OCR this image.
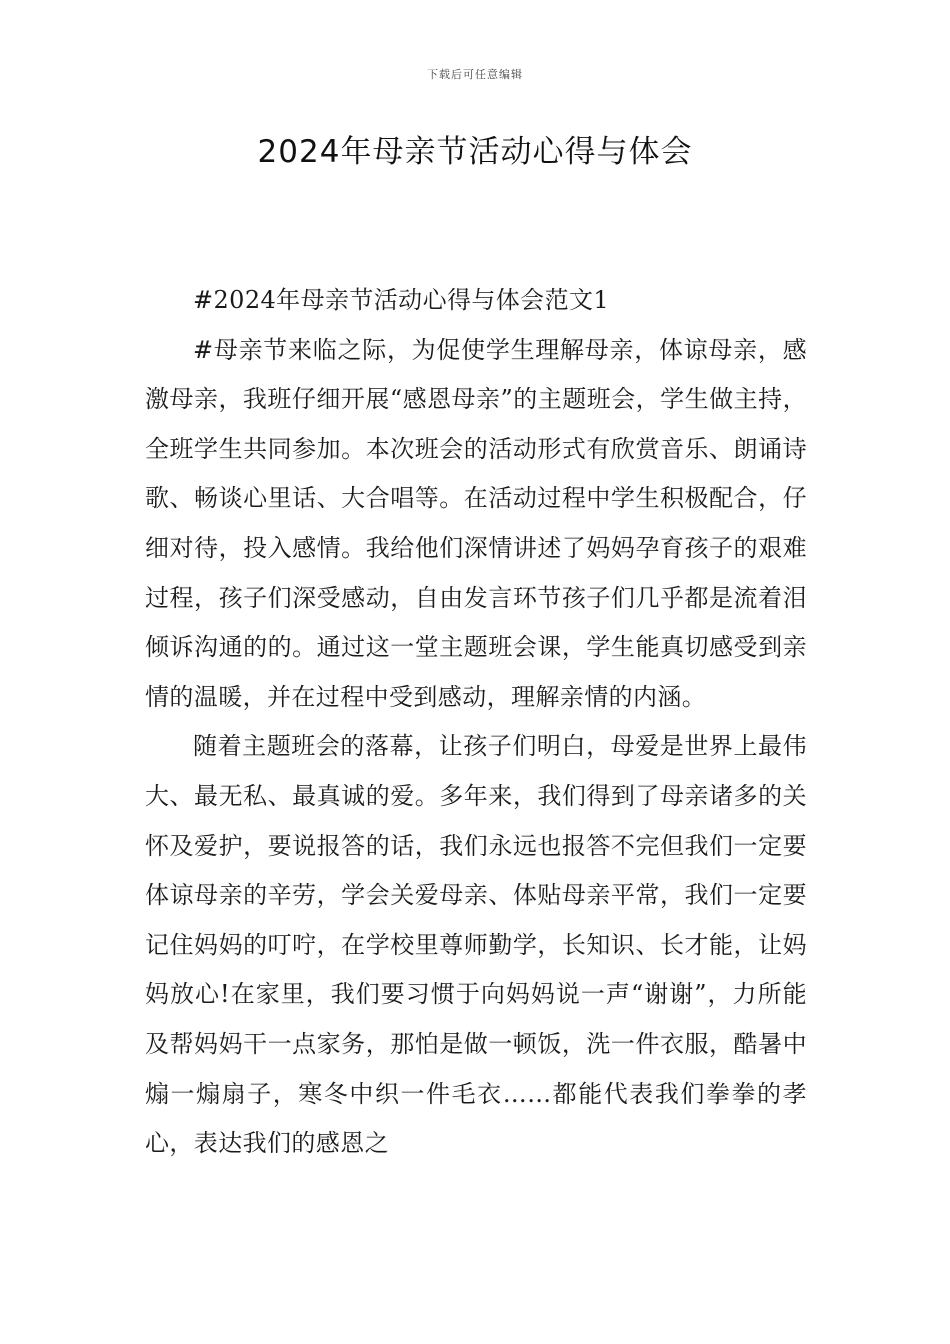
下载后可任意编辑
2024年母亲节活动心得与体会

#2024年母亲节活动心得与体会范文1

#母亲节来临之际，为促使学生理解母亲，体谅母亲，感激母亲，我班仔细开展“感恩母亲”的主题班会，学生做主持，全班学生共同参加。本次班会的活动形式有欣赏音乐、朗诵诗歌、畅谈心里话、大合唱等。在活动过程中学生积极配合，仔细对待，投入感情。我给他们深情讲述了妈妈孕育孩子的艰难过程，孩子们深受感动，自由发言环节孩子们几乎都是流着泪倾诉沟通的的。通过这一堂主题班会课，学生能真切感受到亲情的温暖，并在过程中受到感动，理解亲情的内涵。

随着主题班会的落幕，让孩子们明白，母爱是世界上最伟大、最无私、最真诚的爱。多年来，我们得到了母亲诸多的关怀及爱护，要说报答的话，我们永远也报答不完但我们一定要体谅母亲的辛劳，学会关爱母亲、体贴母亲平常，我们一定要记住妈妈的叮咛，在学校里尊师勤学，长知识、长才能，让妈妈放心!在家里，我们要习惯于向妈妈说一声“谢谢”，力所能及帮妈妈干一点家务，那怕是做一顿饭，洗一件衣服，酷暑中煽一煽扇子，寒冬中织一件毛衣……都能代表我们拳拳的孝心，表达我们的感恩之
